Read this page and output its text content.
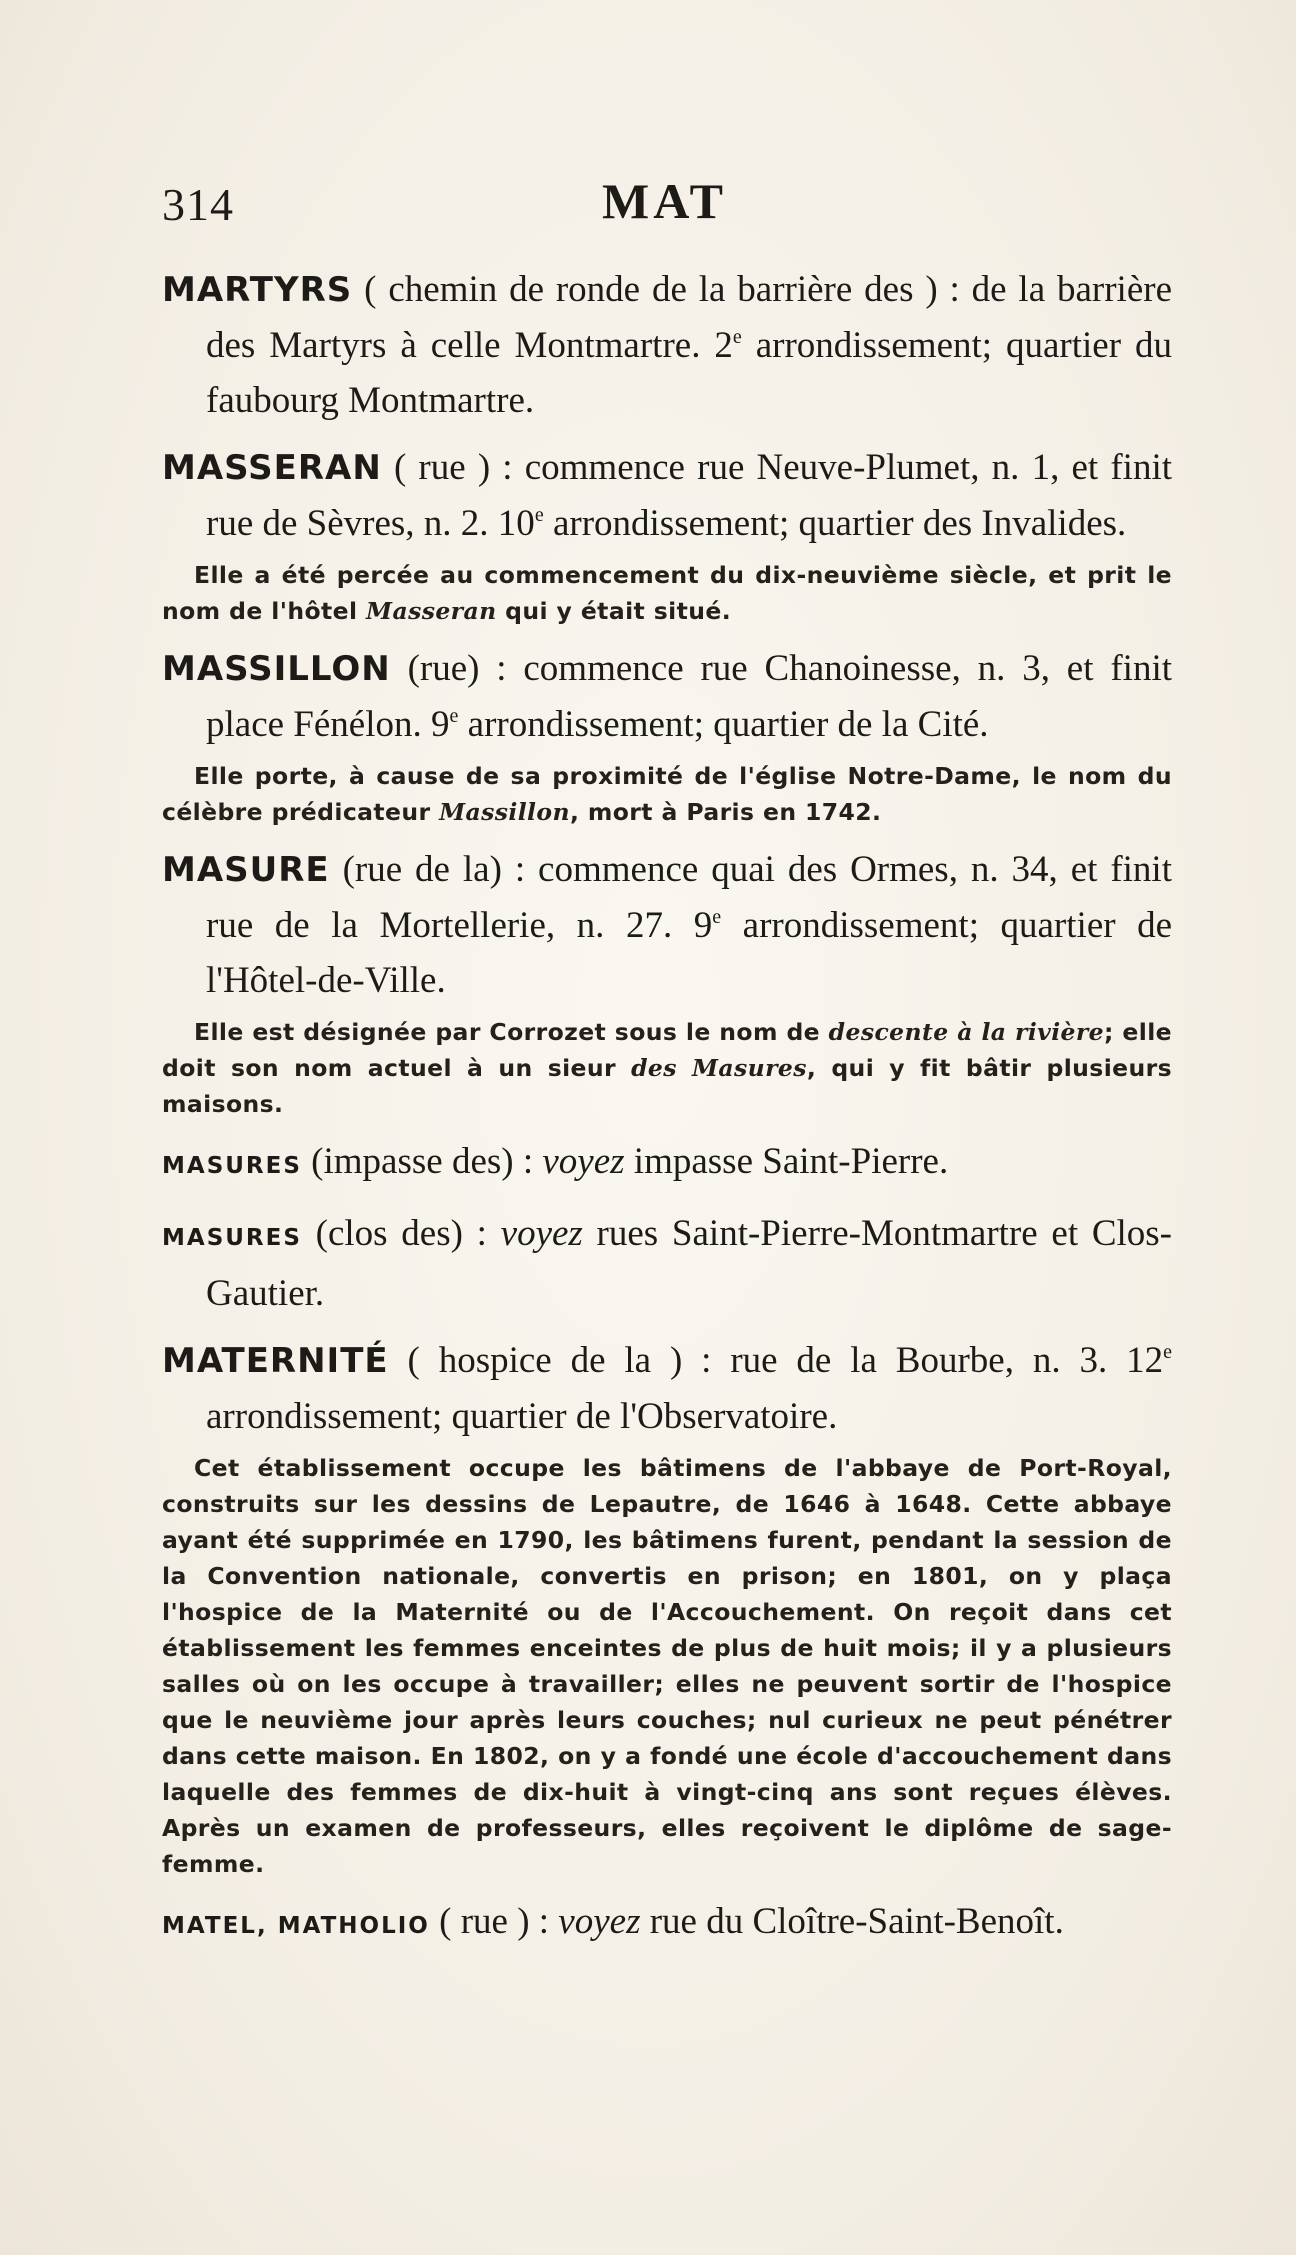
314	MAT
MARTYRS ( chemin de ronde de la barrière des ) : de la barrière des Martyrs à celle Montmartre. 2e arrondissement; quartier du faubourg Montmartre.
MASSERAN ( rue ) : commence rue Neuve-Plumet, n. 1, et finit rue de Sèvres, n. 2. 10e arrondissement; quartier des Invalides.
Elle a été percée au commencement du dix-neuvième siècle, et prit le nom de l'hôtel Masseran qui y était situé.
MASSILLON (rue) : commence rue Chanoinesse, n. 3, et finit place Fénélon. 9e arrondissement; quartier de la Cité.
Elle porte, à cause de sa proximité de l'église Notre-Dame, le nom du célèbre prédicateur Massillon, mort à Paris en 1742.
MASURE (rue de la) : commence quai des Ormes, n. 34, et finit rue de la Mortellerie, n. 27. 9e arrondissement; quartier de l'Hôtel-de-Ville.
Elle est désignée par Corrozet sous le nom de descente à la rivière; elle doit son nom actuel à un sieur des Masures, qui y fit bâtir plusieurs maisons.
MASURES (impasse des) : voyez impasse Saint-Pierre.
MASURES (clos des) : voyez rues Saint-Pierre-Montmartre et Clos-Gautier.
MATERNITÉ ( hospice de la ) : rue de la Bourbe, n. 3. 12e arrondissement; quartier de l'Observatoire.
Cet établissement occupe les bâtimens de l'abbaye de Port-Royal, construits sur les dessins de Lepautre, de 1646 à 1648. Cette abbaye ayant été supprimée en 1790, les bâtimens furent, pendant la session de la Convention nationale, convertis en prison; en 1801, on y plaça l'hospice de la Maternité ou de l'Accouchement. On reçoit dans cet établissement les femmes enceintes de plus de huit mois; il y a plusieurs salles où on les occupe à travailler; elles ne peuvent sortir de l'hospice que le neuvième jour après leurs couches; nul curieux ne peut pénétrer dans cette maison. En 1802, on y a fondé une école d'accouchement dans laquelle des femmes de dix-huit à vingt-cinq ans sont reçues élèves. Après un examen de professeurs, elles reçoivent le diplôme de sage-femme.
MATEL, MATHOLIO ( rue ) : voyez rue du Cloître-Saint-Benoît.
